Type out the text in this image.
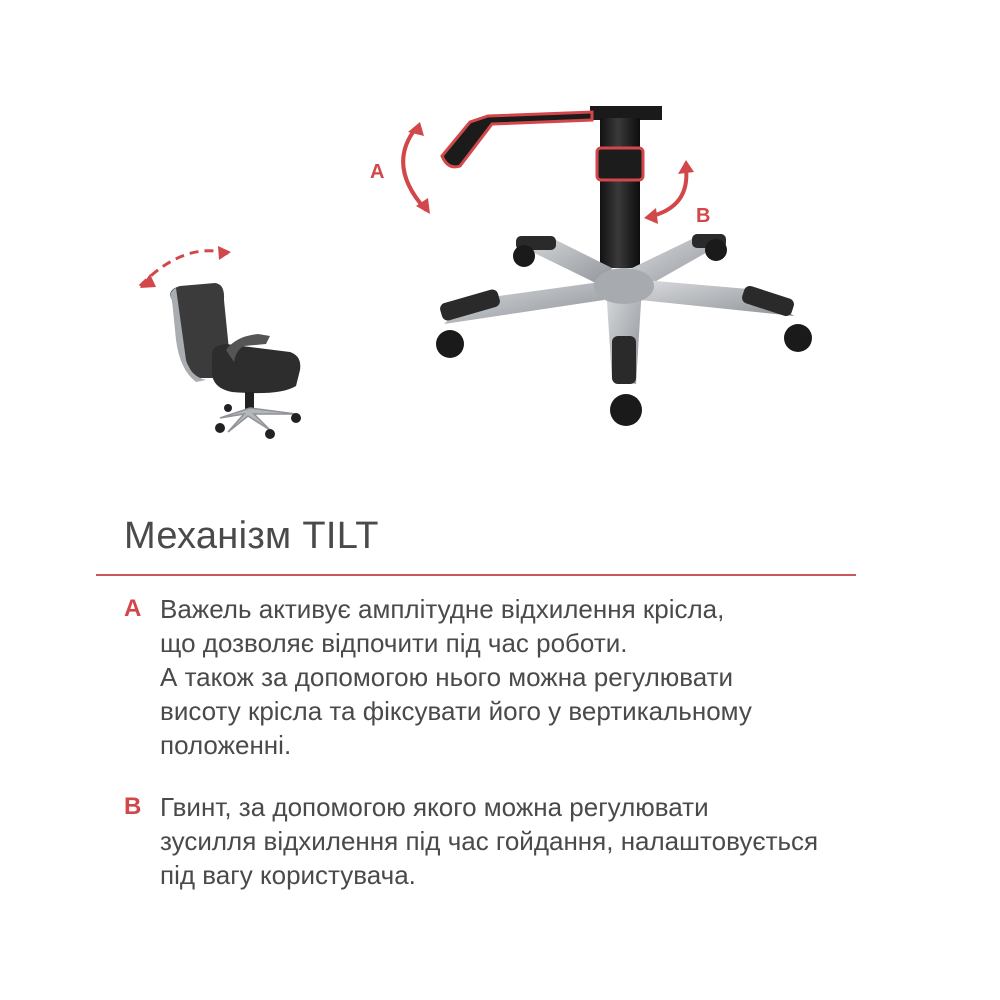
A
B
Механізм TILT
A Важель активує амплітудне відхилення крісла,
що дозволяє відпочити під час роботи.
А також за допомогою нього можна регулювати
висоту крісла та фіксувати його у вертикальному
положенні.
B Гвинт, за допомогою якого можна регулювати
зусилля відхилення під час гойдання, налаштовується
під вагу користувача.
